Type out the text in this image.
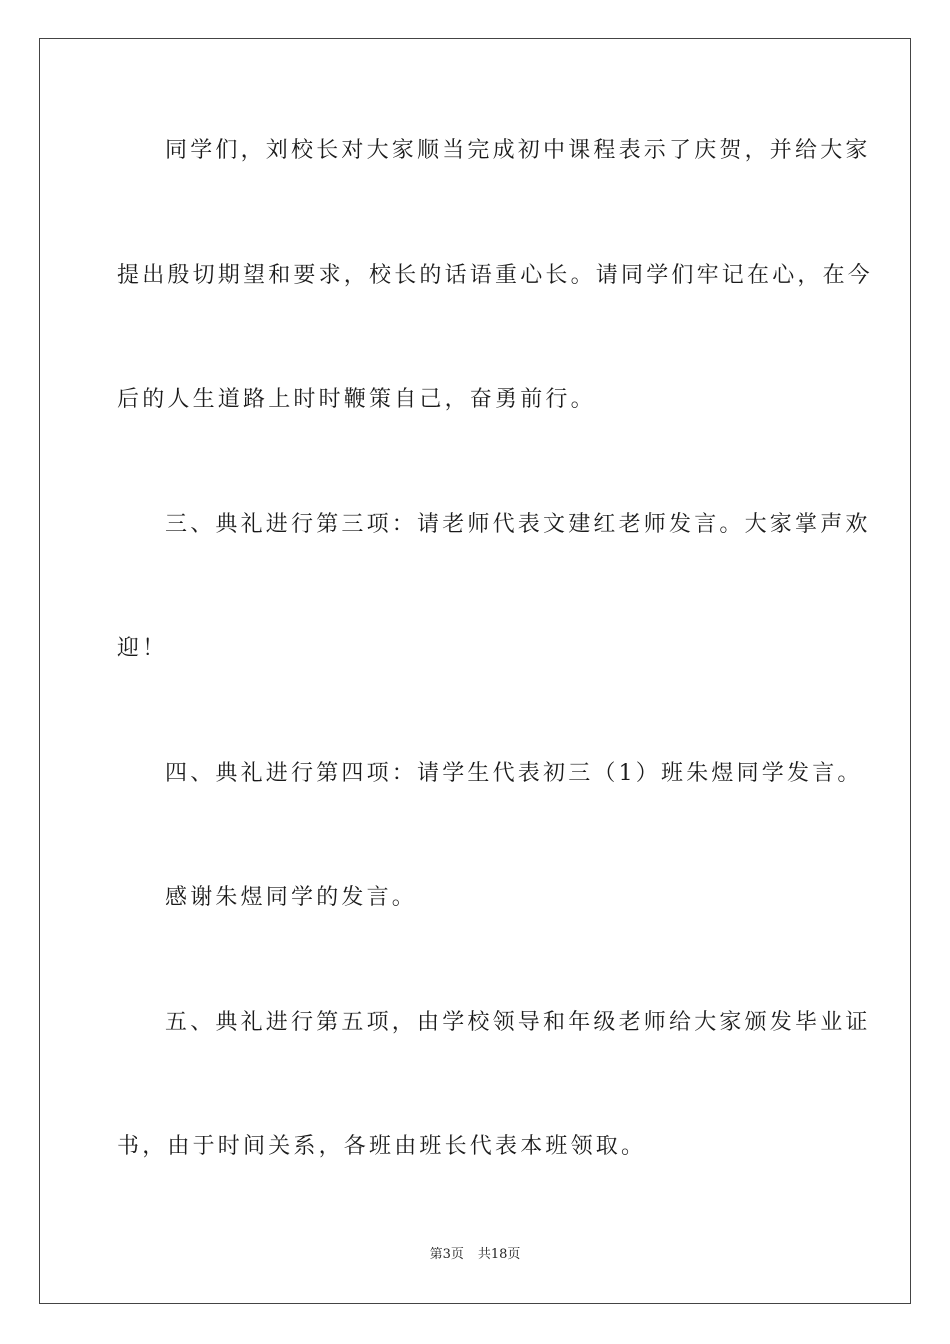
同学们，刘校长对大家顺当完成初中课程表示了庆贺，并给大家
提出殷切期望和要求，校长的话语重心长。请同学们牢记在心，在今
后的人生道路上时时鞭策自己，奋勇前行。
三、典礼进行第三项：请老师代表文建红老师发言。大家掌声欢
迎！
四、典礼进行第四项：请学生代表初三（1）班朱煜同学发言。
感谢朱煜同学的发言。
五、典礼进行第五项，由学校领导和年级老师给大家颁发毕业证
书，由于时间关系，各班由班长代表本班领取。
第3页 共18页
